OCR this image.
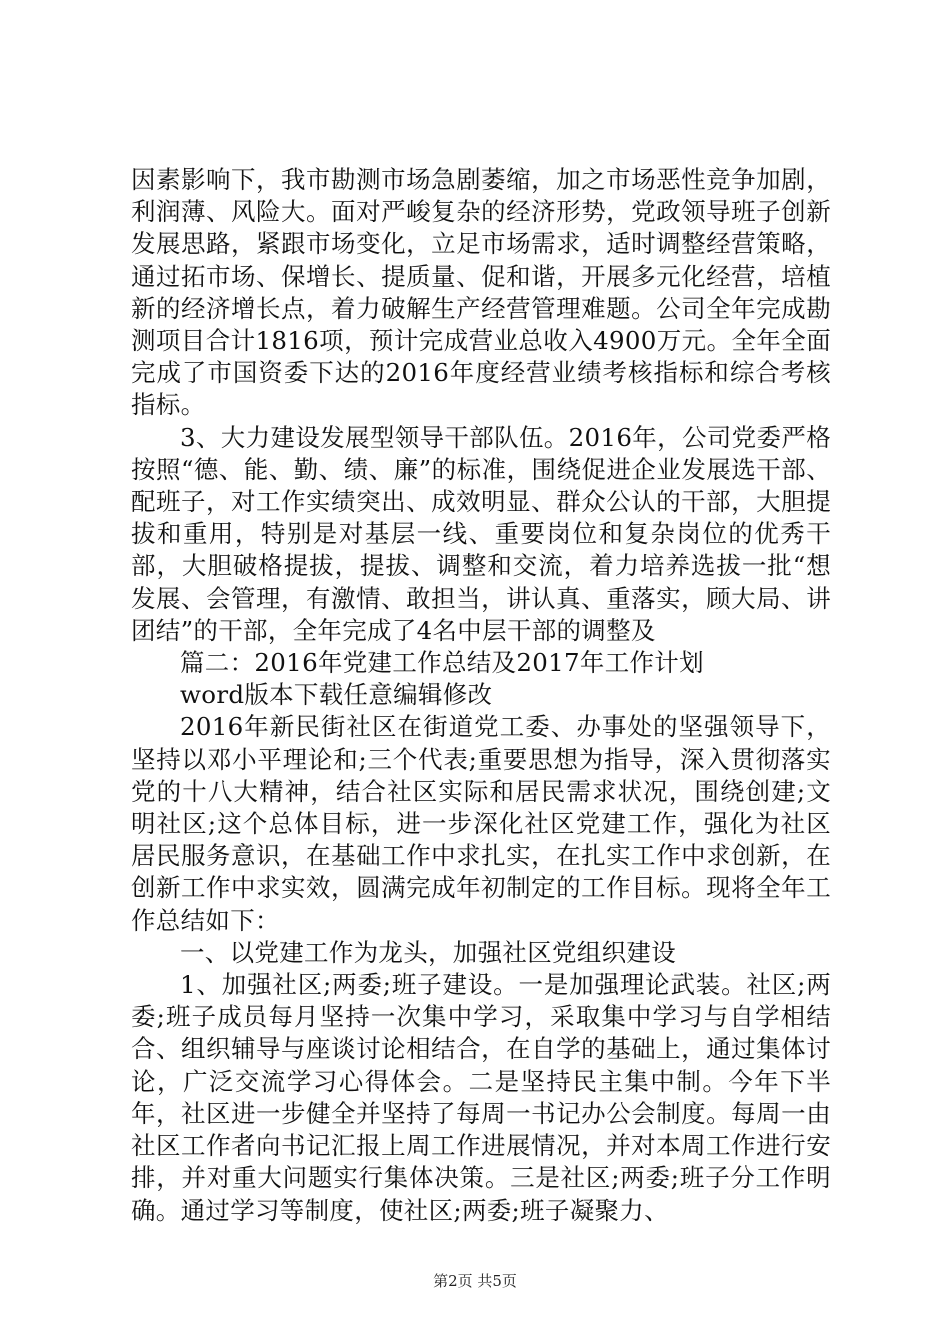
因素影响下，我市勘测市场急剧萎缩，加之市场恶性竞争加剧，利润薄、风险大。面对严峻复杂的经济形势，党政领导班子创新发展思路，紧跟市场变化，立足市场需求，适时调整经营策略，通过拓市场、保增长、提质量、促和谐，开展多元化经营，培植新的经济增长点，着力破解生产经营管理难题。公司全年完成勘测项目合计1816项，预计完成营业总收入4900万元。全年全面完成了市国资委下达的2016年度经营业绩考核指标和综合考核指标。

3、大力建设发展型领导干部队伍。2016年，公司党委严格按照“德、能、勤、绩、廉”的标准，围绕促进企业发展选干部、配班子，对工作实绩突出、成效明显、群众公认的干部，大胆提拔和重用，特别是对基层一线、重要岗位和复杂岗位的优秀干部，大胆破格提拔，提拔、调整和交流，着力培养选拔一批“想发展、会管理，有激情、敢担当，讲认真、重落实，顾大局、讲团结”的干部，全年完成了4名中层干部的调整及

篇二：2016年党建工作总结及2017年工作计划

word版本下载任意编辑修改

2016年新民街社区在街道党工委、办事处的坚强领导下，坚持以邓小平理论和;三个代表;重要思想为指导，深入贯彻落实党的十八大精神，结合社区实际和居民需求状况，围绕创建;文明社区;这个总体目标，进一步深化社区党建工作，强化为社区居民服务意识，在基础工作中求扎实，在扎实工作中求创新，在创新工作中求实效，圆满完成年初制定的工作目标。现将全年工作总结如下：

一、以党建工作为龙头，加强社区党组织建设

1、加强社区;两委;班子建设。一是加强理论武装。社区;两委;班子成员每月坚持一次集中学习，采取集中学习与自学相结合、组织辅导与座谈讨论相结合，在自学的基础上，通过集体讨论，广泛交流学习心得体会。二是坚持民主集中制。今年下半年，社区进一步健全并坚持了每周一书记办公会制度。每周一由社区工作者向书记汇报上周工作进展情况，并对本周工作进行安排，并对重大问题实行集体决策。三是社区;两委;班子分工作明确。通过学习等制度，使社区;两委;班子凝聚力、

第2页 共5页
